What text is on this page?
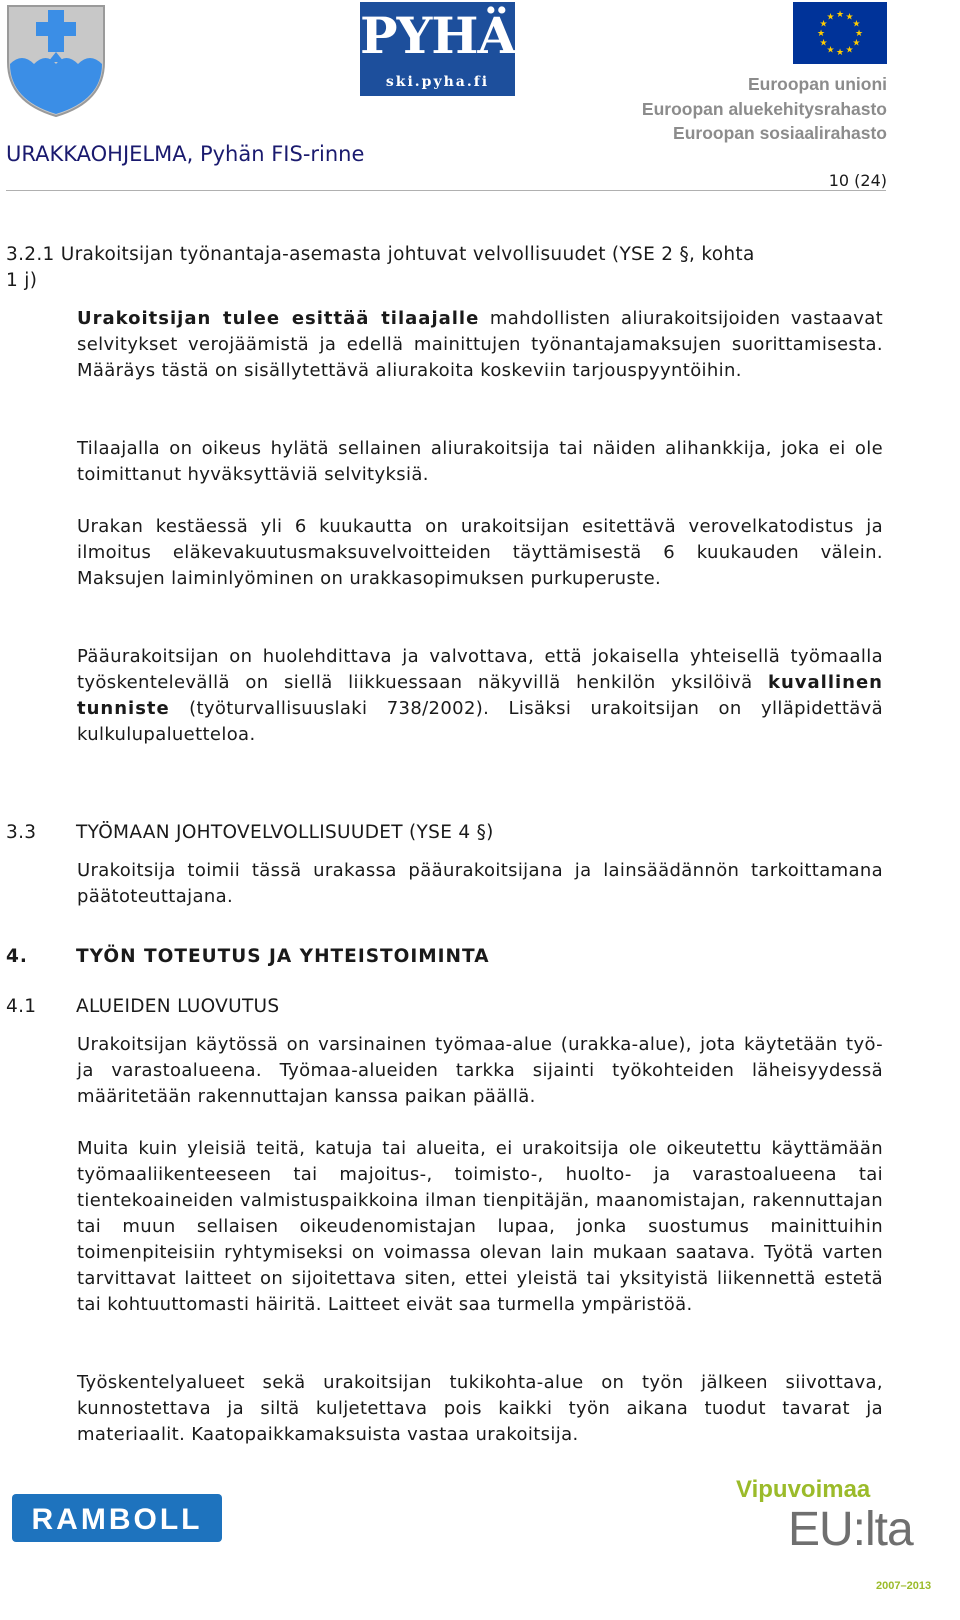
PYHÄ
ski.pyha.fi
★ ★
★
★
★
★
★
★
★
★
★
★
Euroopan unioni
Euroopan aluekehitysrahasto
Euroopan sosiaalirahasto
URAKKAOHJELMA, Pyhän FIS-rinne
10 (24)
3.2.1 Urakoitsijan työnantaja-asemasta johtuvat velvollisuudet (YSE 2 §, kohta
1 j)
Urakoitsijan tulee esittää tilaajalle mahdollisten aliurakoitsijoiden vastaavat selvitykset verojäämistä ja edellä mainittujen työnantajamaksujen suorittamisesta. Määräys tästä on sisällytettävä aliurakoita koskeviin tarjouspyyntöihin.
Tilaajalla on oikeus hylätä sellainen aliurakoitsija tai näiden alihankkija, joka ei ole toimittanut hyväksyttäviä selvityksiä.
Urakan kestäessä yli 6 kuukautta on urakoitsijan esitettävä verovelkatodistus ja ilmoitus eläkevakuutusmaksuvelvoitteiden täyttämisestä 6 kuukauden välein. Maksujen laiminlyöminen on urakkasopimuksen purkuperuste.
Pääurakoitsijan on huolehdittava ja valvottava, että jokaisella yhteisellä työmaalla työskentelevällä on siellä liikkuessaan näkyvillä henkilön yksilöivä kuvallinen tunniste (työturvallisuuslaki 738/2002). Lisäksi urakoitsijan on ylläpidettävä kulkulupaluetteloa.
3.3 TYÖMAAN JOHTOVELVOLLISUUDET (YSE 4 §)
Urakoitsija toimii tässä urakassa pääurakoitsijana ja lainsäädännön tarkoittamana päätoteuttajana.
4.	TYÖN TOTEUTUS JA YHTEISTOIMINTA
4.1 ALUEIDEN LUOVUTUS
Urakoitsijan käytössä on varsinainen työmaa-alue (urakka-alue), jota käytetään työ- ja varastoalueena. Työmaa-alueiden tarkka sijainti työkohteiden läheisyydessä määritetään rakennuttajan kanssa paikan päällä.
Muita kuin yleisiä teitä, katuja tai alueita, ei urakoitsija ole oikeutettu käyttämään työmaaliikenteeseen tai majoitus-, toimisto-, huolto- ja varastoalueena tai tientekoaineiden valmistuspaikkoina ilman tienpitäjän, maanomistajan, rakennuttajan tai muun sellaisen oikeudenomistajan lupaa, jonka suostumus mainittuihin toimenpiteisiin ryhtymiseksi on voimassa olevan lain mukaan saatava. Työtä varten tarvittavat laitteet on sijoitettava siten, ettei yleistä tai yksityistä liikennettä estetä tai kohtuuttomasti häiritä. Laitteet eivät saa turmella ympäristöä.
Työskentelyalueet sekä urakoitsijan tukikohta-alue on työn jälkeen siivottava, kunnostettava ja siltä kuljetettava pois kaikki työn aikana tuodut tavarat ja materiaalit. Kaatopaikkamaksuista vastaa urakoitsija.
RAMBOLL
Vipuvoimaa
EU:lta
2007–2013
